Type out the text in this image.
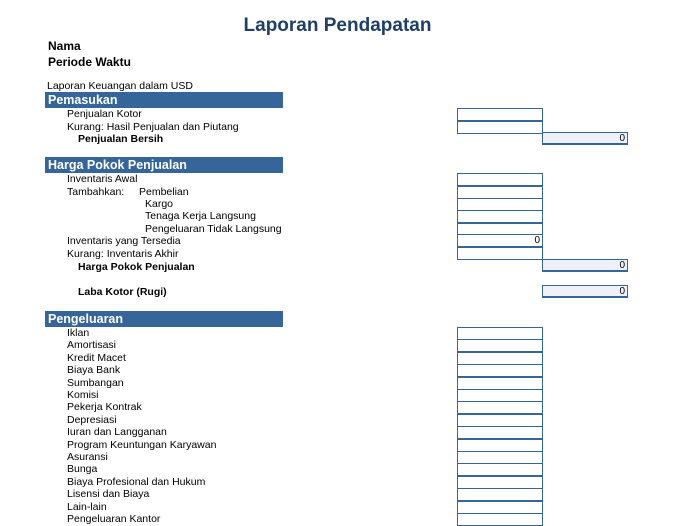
Laporan Pendapatan
Nama
Periode Waktu
Laporan Keuangan dalam USD
Pemasukan
Penjualan Kotor
Kurang: Hasil Penjualan dan Piutang
Penjualan Bersih	0
Harga Pokok Penjualan
Inventaris Awal
Tambahkan: Pembelian
Kargo
Tenaga Kerja Langsung
Pengeluaran Tidak Langsung
Inventaris yang Tersedia	0
Kurang: Inventaris Akhir
Harga Pokok Penjualan	0
Laba Kotor (Rugi)	0
Pengeluaran
Iklan
Amortisasi
Kredit Macet
Biaya Bank
Sumbangan
Komisi
Pekerja Kontrak
Depresiasi
Iuran dan Langganan
Program Keuntungan Karyawan
Asuransi
Bunga
Biaya Profesional dan Hukum
Lisensi dan Biaya
Lain-lain
Pengeluaran Kantor
